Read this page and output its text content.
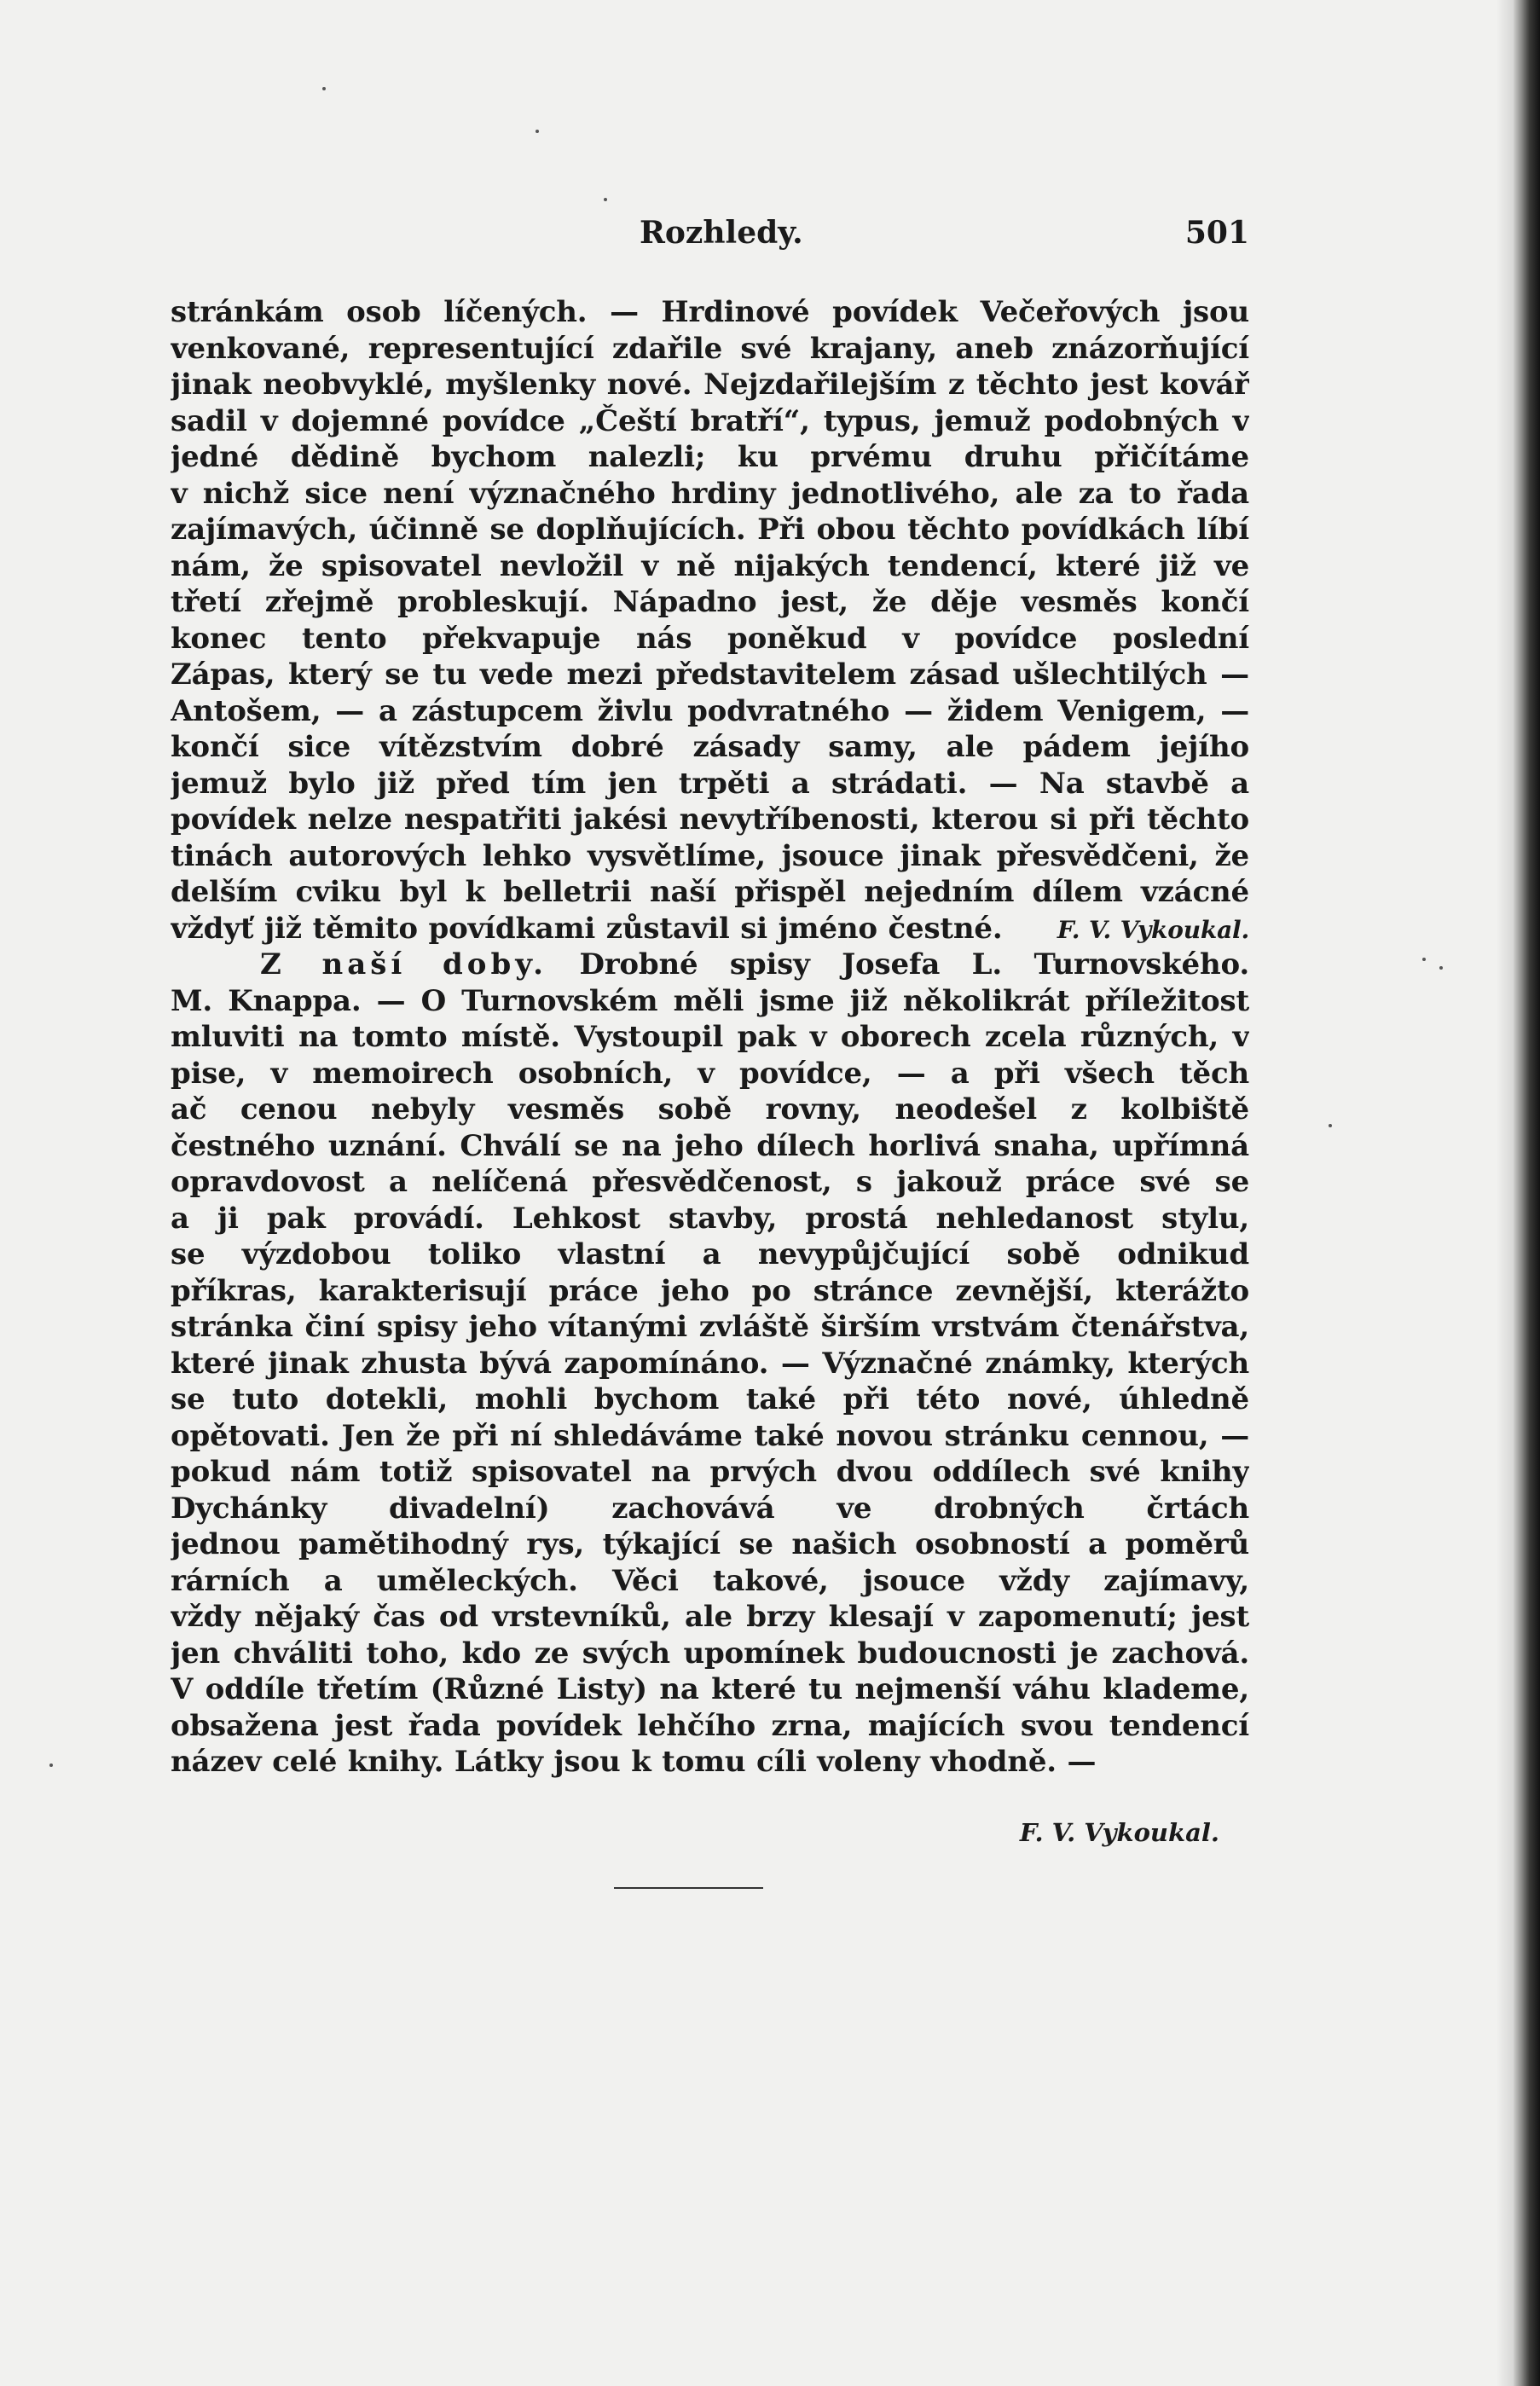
Rozhledy.	501
stránkám osob líčených. — Hrdinové povídek Večeřových jsou
venkované, representující zdařile své krajany, aneb znázorňující
jinak neobvyklé, myšlenky nové. Nejzdařilejším z těchto jest kovář
sadil v dojemné povídce „Čeští bratří“, typus, jemuž podobných v
jedné dědině bychom nalezli; ku prvému druhu přičítáme
v nichž sice není význačného hrdiny jednotlivého, ale za to řada
zajímavých, účinně se doplňujících. Při obou těchto povídkách líbí
nám, že spisovatel nevložil v ně nijakých tendencí, které již ve
třetí zřejmě probleskují. Nápadno jest, že děje vesměs končí
konec tento překvapuje nás poněkud v povídce poslední
Zápas, který se tu vede mezi představitelem zásad ušlechtilých —
Antošem, — a zástupcem živlu podvratného — židem Venigem, —
končí sice vítězstvím dobré zásady samy, ale pádem jejího
jemuž bylo již před tím jen trpěti a strádati. — Na stavbě a
povídek nelze nespatřiti jakési nevytříbenosti, kterou si při těchto
tinách autorových lehko vysvětlíme, jsouce jinak přesvědčeni, že
delším cviku byl k belletrii naší přispěl nejedním dílem vzácné
vždyť již těmito povídkami zůstavil si jméno čestné. F. V. Vykoukal.
Z naší doby. Drobné spisy Josefa L. Turnovského.
M. Knappa. — O Turnovském měli jsme již několikrát příležitost
mluviti na tomto místě. Vystoupil pak v oborech zcela různých, v
pise, v memoirech osobních, v povídce, — a při všech těch
ač cenou nebyly vesměs sobě rovny, neodešel z kolbiště
čestného uznání. Chválí se na jeho dílech horlivá snaha, upřímná
opravdovost a nelíčená přesvědčenost, s jakouž práce své se
a ji pak provádí. Lehkost stavby, prostá nehledanost stylu,
se výzdobou toliko vlastní a nevypůjčující sobě odnikud
příkras, karakterisují práce jeho po stránce zevnější, kterážto
stránka činí spisy jeho vítanými zvláště širším vrstvám čtenářstva,
které jinak zhusta bývá zapomínáno. — Význačné známky, kterých
se tuto dotekli, mohli bychom také při této nové, úhledně
opětovati. Jen že při ní shledáváme také novou stránku cennou, —
pokud nám totiž spisovatel na prvých dvou oddílech své knihy
Dychánky divadelní) zachovává ve drobných črtách
jednou pamětihodný rys, týkající se našich osobností a poměrů
rárních a uměleckých. Věci takové, jsouce vždy zajímavy,
vždy nějaký čas od vrstevníků, ale brzy klesají v zapomenutí; jest
jen chváliti toho, kdo ze svých upomínek budoucnosti je zachová.
V oddíle třetím (Různé Listy) na které tu nejmenší váhu klademe,
obsažena jest řada povídek lehčího zrna, majících svou tendencí
název celé knihy. Látky jsou k tomu cíli voleny vhodně. —
F. V. Vykoukal.
